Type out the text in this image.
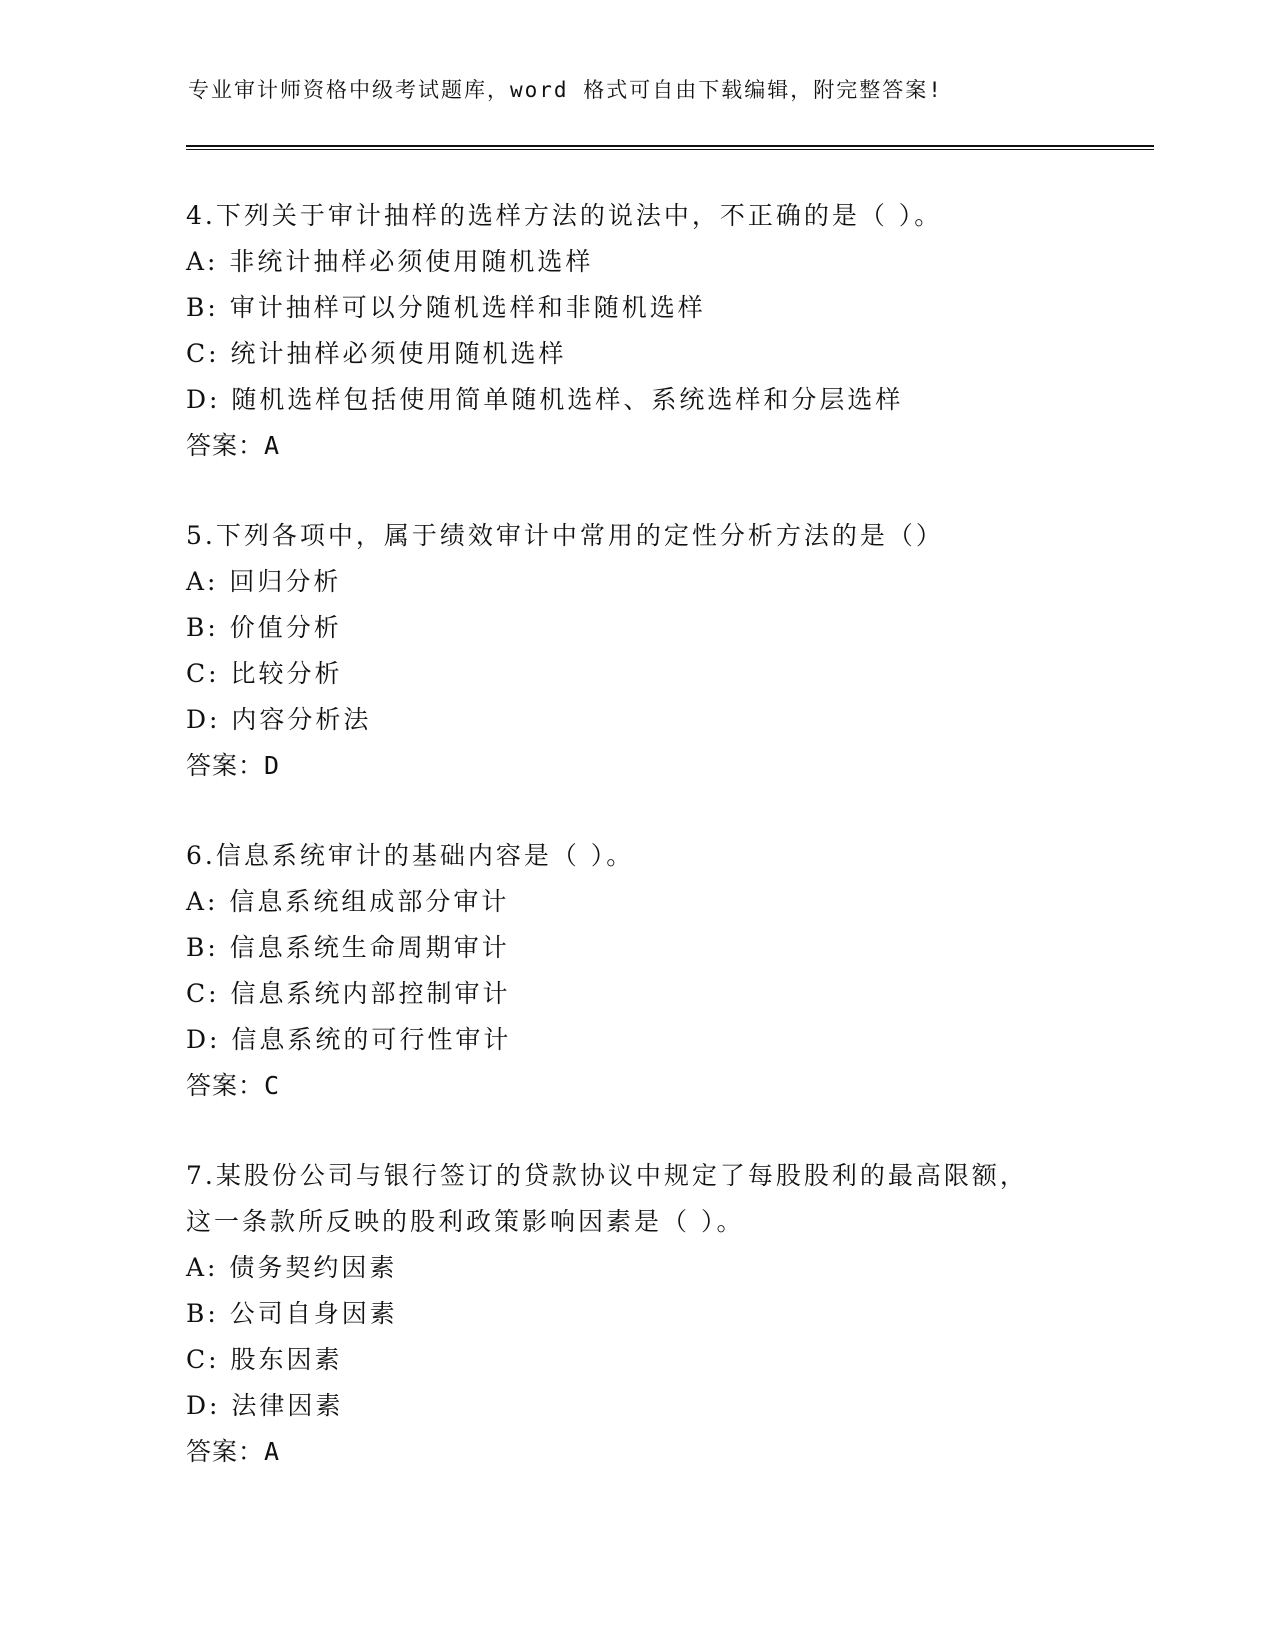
专业审计师资格中级考试题库，word 格式可自由下载编辑，附完整答案!
4.下列关于审计抽样的选样方法的说法中，不正确的是（ ）。
A: 非统计抽样必须使用随机选样
B: 审计抽样可以分随机选样和非随机选样
C: 统计抽样必须使用随机选样
D: 随机选样包括使用简单随机选样、系统选样和分层选样
答案：A
5.下列各项中，属于绩效审计中常用的定性分析方法的是（）
A: 回归分析
B: 价值分析
C: 比较分析
D: 内容分析法
答案：D
6.信息系统审计的基础内容是（ ）。
A: 信息系统组成部分审计
B: 信息系统生命周期审计
C: 信息系统内部控制审计
D: 信息系统的可行性审计
答案：C
7.某股份公司与银行签订的贷款协议中规定了每股股利的最高限额，
这一条款所反映的股利政策影响因素是（ ）。
A: 债务契约因素
B: 公司自身因素
C: 股东因素
D: 法律因素
答案：A
